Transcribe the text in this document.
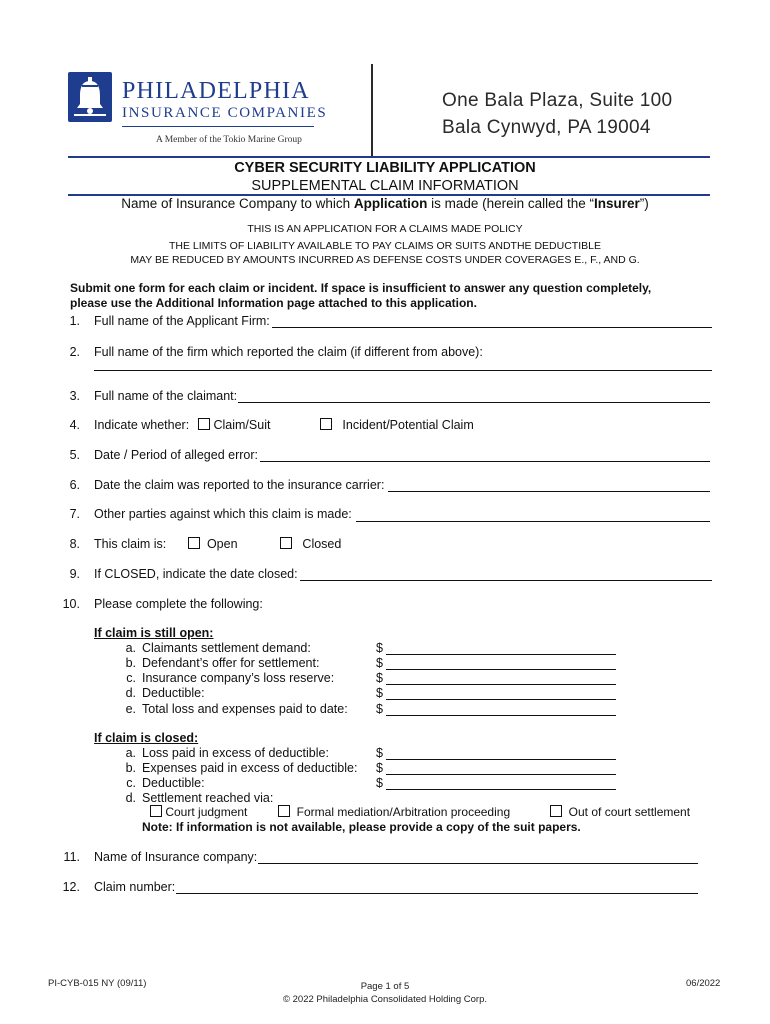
PHILADELPHIA
INSURANCE COMPANIES
A Member of the Tokio Marine Group
One Bala Plaza, Suite 100
Bala Cynwyd, PA 19004
CYBER SECURITY LIABILITY APPLICATION
SUPPLEMENTAL CLAIM INFORMATION
Name of Insurance Company to which Application is made (herein called the “Insurer”)
THIS IS AN APPLICATION FOR A CLAIMS MADE POLICY
THE LIMITS OF LIABILITY AVAILABLE TO PAY CLAIMS OR SUITS ANDTHE DEDUCTIBLE
MAY BE REDUCED BY AMOUNTS INCURRED AS DEFENSE COSTS UNDER COVERAGES E., F., AND G.
Submit one form for each claim or incident. If space is insufficient to answer any question completely,
please use the Additional Information page attached to this application.
1. Full name of the Applicant Firm:
2. Full name of the firm which reported the claim (if different from above):
3. Full name of the claimant:
4. Indicate whether:	Claim/Suit	Incident/Potential Claim
5. Date / Period of alleged error:
6. Date the claim was reported to the insurance carrier:
7. Other parties against which this claim is made:
8. This claim is:	Open	Closed
9. If CLOSED, indicate the date closed:
10. Please complete the following:
If claim is still open:
a. Claimants settlement demand:	$
b. Defendant’s offer for settlement:	$
c. Insurance company’s loss reserve:	$
d. Deductible:	$
e. Total loss and expenses paid to date: $
If claim is closed:
a. Loss paid in excess of deductible:	$
b. Expenses paid in excess of deductible: $
c. Deductible:	$
d. Settlement reached via:
Court judgment	Formal mediation/Arbitration proceeding	Out of court settlement
Note: If information is not available, please provide a copy of the suit papers.
11. Name of Insurance company:
12. Claim number:
PI-CYB-015 NY (09/11)	Page 1 of 5
© 2022 Philadelphia Consolidated Holding Corp.
06/2022
